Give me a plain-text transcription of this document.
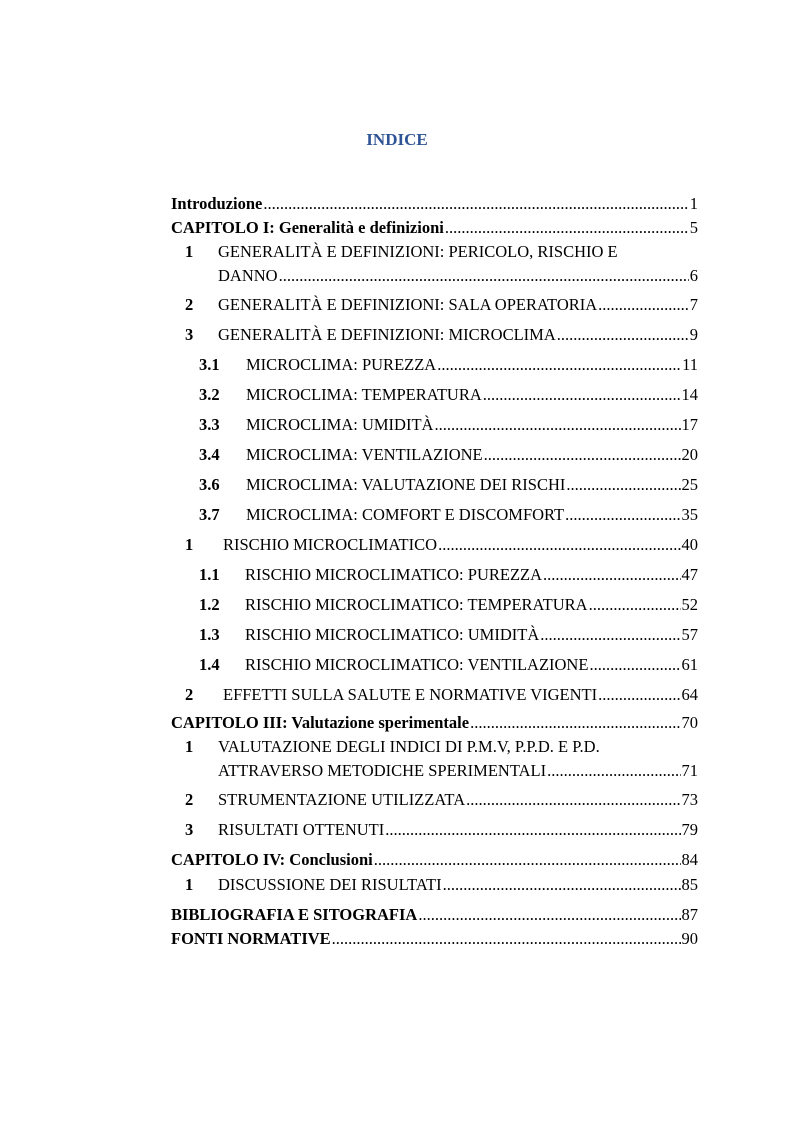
INDICE
Introduzione .....	1
CAPITOLO I: Generalità e definizioni .....	5
1 GENERALITÀ E DEFINIZIONI: PERICOLO, RISCHIO E
DANNO .....	6
2 GENERALITÀ E DEFINIZIONI: SALA OPERATORIA .....	7
3 GENERALITÀ E DEFINIZIONI: MICROCLIMA .....	9
3.1 MICROCLIMA: PUREZZA .....	11
3.2 MICROCLIMA: TEMPERATURA .....	14
3.3 MICROCLIMA: UMIDITÀ .....	17
3.4 MICROCLIMA: VENTILAZIONE .....	20
3.6 MICROCLIMA: VALUTAZIONE DEI RISCHI .....	25
3.7 MICROCLIMA: COMFORT E DISCOMFORT .....	35
1 RISCHIO MICROCLIMATICO .....	40
1.1 RISCHIO MICROCLIMATICO: PUREZZA .....	47
1.2 RISCHIO MICROCLIMATICO: TEMPERATURA .....	52
1.3 RISCHIO MICROCLIMATICO: UMIDITÀ .....	57
1.4 RISCHIO MICROCLIMATICO: VENTILAZIONE .....	61
2 EFFETTI SULLA SALUTE E NORMATIVE VIGENTI .....	64
CAPITOLO III: Valutazione sperimentale .....	70
1 VALUTAZIONE DEGLI INDICI DI P.M.V, P.P.D. E P.D.
ATTRAVERSO METODICHE SPERIMENTALI .....	71
2 STRUMENTAZIONE UTILIZZATA .....	73
3 RISULTATI OTTENUTI .....	79
CAPITOLO IV: Conclusioni .....	84
1 DISCUSSIONE DEI RISULTATI .....	85
BIBLIOGRAFIA E SITOGRAFIA .....	87
FONTI NORMATIVE .....	90
